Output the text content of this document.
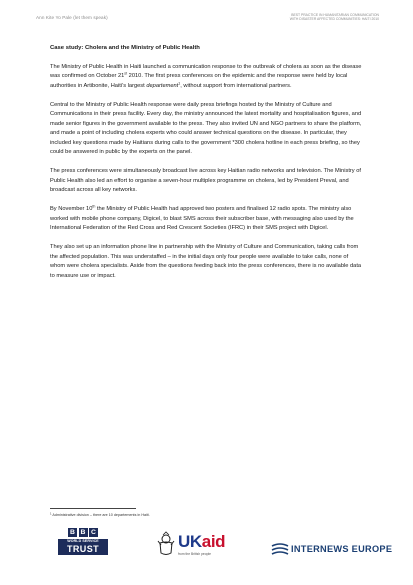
Ann Kite Yo Pale (let them speak)	BEST PRACTICE IN HUMANITARIAN COMMUNICATION
WITH DISASTER AFFECTED COMMUNITIES: HAITI 2010
Case study: Cholera and the Ministry of Public Health

The Ministry of Public Health in Haiti launched a communication response to the outbreak of cholera as soon as the disease was confirmed on October 21st 2010. The first press conferences on the epidemic and the response were held by local authorities in Artibonite, Haiti’s largest departement$^1$, without support from international partners.

Central to the Ministry of Public Health response were daily press briefings hosted by the Ministry of Culture and Communications in their press facility. Every day, the ministry announced the latest mortality and hospitalisation figures, and made senior figures in the government available to the press. They also invited UN and NGO partners to share the platform, and made a point of including cholera experts who could answer technical questions on the disease. In particular, they included key questions made by Haitians during calls to the government *300 cholera hotline in each press briefing, so they could be answered in public by the experts on the panel.

The press conferences were simultaneously broadcast live across key Haitian radio networks and television. The Ministry of Public Health also led an effort to organise a seven-hour multiplex programme on cholera, led by President Preval, and broadcast across all key networks.

By November 10th the Ministry of Public Health had approved two posters and finalised 12 radio spots. The ministry also worked with mobile phone company, Digicel, to blast SMS across their subscriber base, with messaging also used by the International Federation of the Red Cross and Red Crescent Societies (IFRC) in their SMS project with Digicel.

They also set up an information phone line in partnership with the Ministry of Culture and Communication, taking calls from the affected population. This was understaffed – in the initial days only four people were available to take calls, none of whom were cholera specialists. Aside from the questions feeding back into the press conferences, there is no available data to measure use or impact.

$^1$ Administrative division – there are 10 departements in Haiti.
B B C
WORLD SERVICE
TRUST	UKaid
from the British people	INTERNEWS EUROPE
